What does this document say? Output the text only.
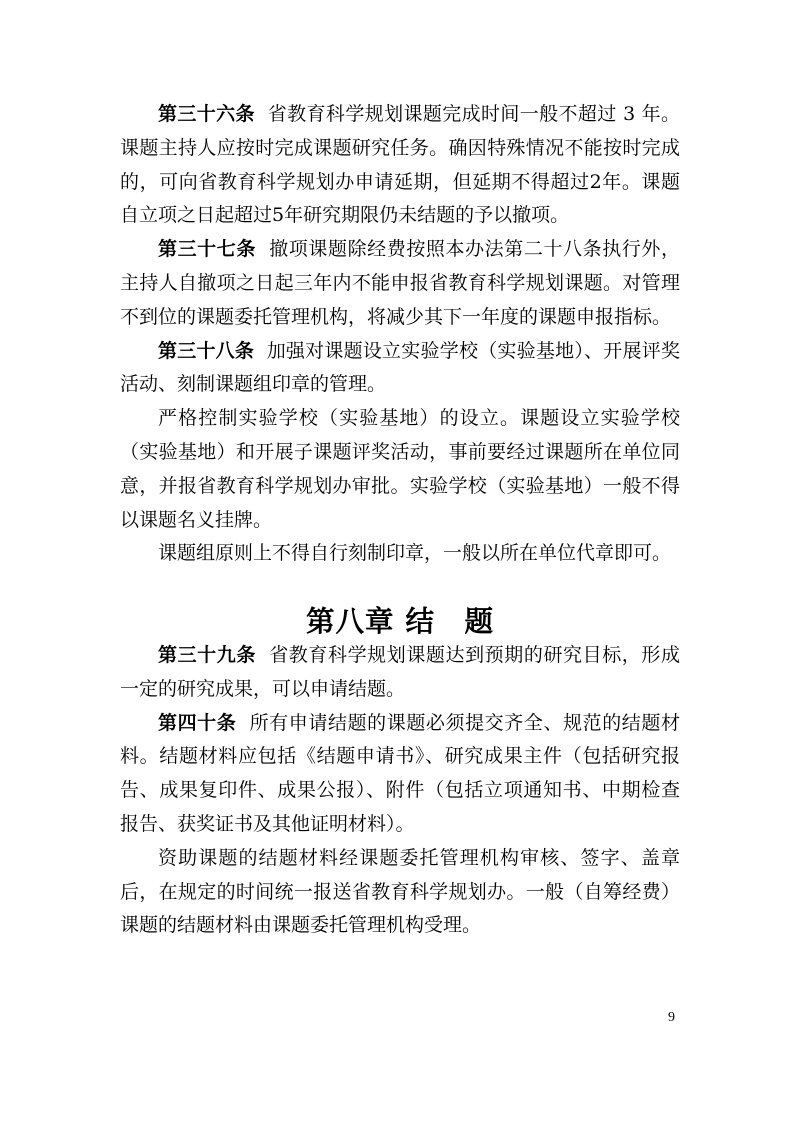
第三十六条 省教育科学规划课题完成时间一般不超过 3 年。课题主持人应按时完成课题研究任务。确因特殊情况不能按时完成的，可向省教育科学规划办申请延期，但延期不得超过2年。课题自立项之日起超过5年研究期限仍未结题的予以撤项。

第三十七条 撤项课题除经费按照本办法第二十八条执行外，主持人自撤项之日起三年内不能申报省教育科学规划课题。对管理不到位的课题委托管理机构，将减少其下一年度的课题申报指标。

第三十八条 加强对课题设立实验学校（实验基地）、开展评奖活动、刻制课题组印章的管理。

严格控制实验学校（实验基地）的设立。课题设立实验学校（实验基地）和开展子课题评奖活动，事前要经过课题所在单位同意，并报省教育科学规划办审批。实验学校（实验基地）一般不得以课题名义挂牌。

课题组原则上不得自行刻制印章，一般以所在单位代章即可。

第八章 结　题

第三十九条 省教育科学规划课题达到预期的研究目标，形成一定的研究成果，可以申请结题。

第四十条 所有申请结题的课题必须提交齐全、规范的结题材料。结题材料应包括《结题申请书》、研究成果主件（包括研究报告、成果复印件、成果公报）、附件（包括立项通知书、中期检查报告、获奖证书及其他证明材料）。

资助课题的结题材料经课题委托管理机构审核、签字、盖章后，在规定的时间统一报送省教育科学规划办。一般（自筹经费）课题的结题材料由课题委托管理机构受理。

9
